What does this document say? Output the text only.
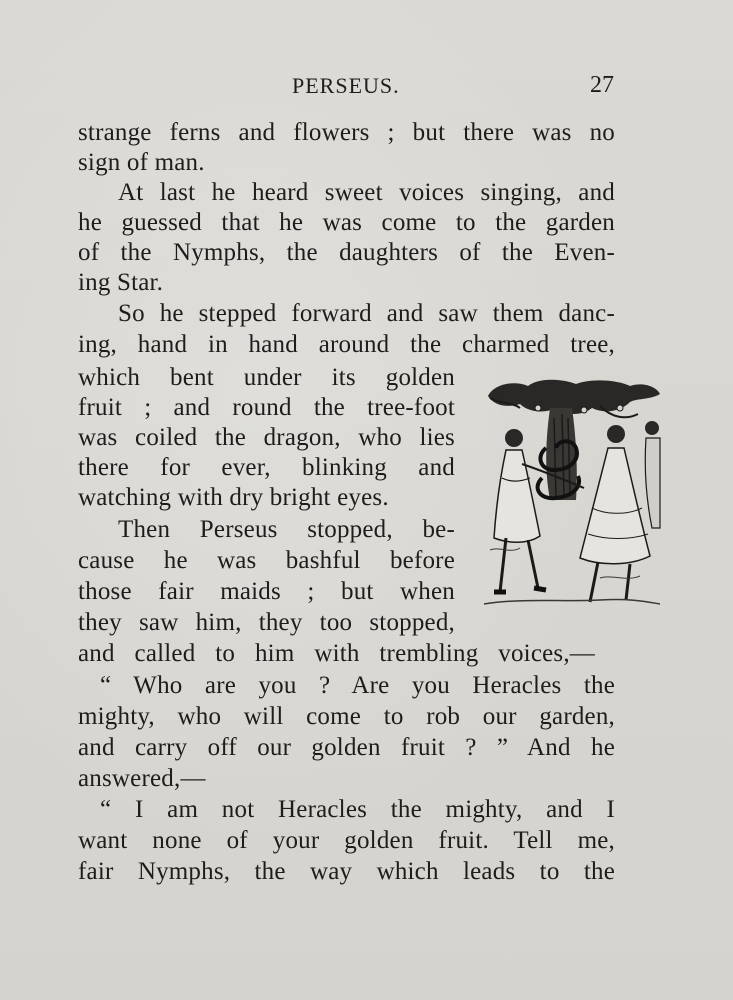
PERSEUS.	27
strange ferns and flowers ; but there was no
sign of man.
At last he heard sweet voices singing, and
he guessed that he was come to the garden
of the Nymphs, the daughters of the Even-
ing Star.
So he stepped forward and saw them danc-
ing, hand in hand around the charmed tree,
which bent under its golden
fruit ; and round the tree-foot
was coiled the dragon, who lies
there for ever, blinking and
watching with dry bright eyes.
Then Perseus stopped, be-
cause he was bashful before
those fair maids ; but when
they saw him, they too stopped,
and called to him with trembling voices,—
“ Who are you ? Are you Heracles the
mighty, who will come to rob our garden,
and carry off our golden fruit ? ” And he
answered,—
“ I am not Heracles the mighty, and I
want none of your golden fruit. Tell me,
fair Nymphs, the way which leads to the
